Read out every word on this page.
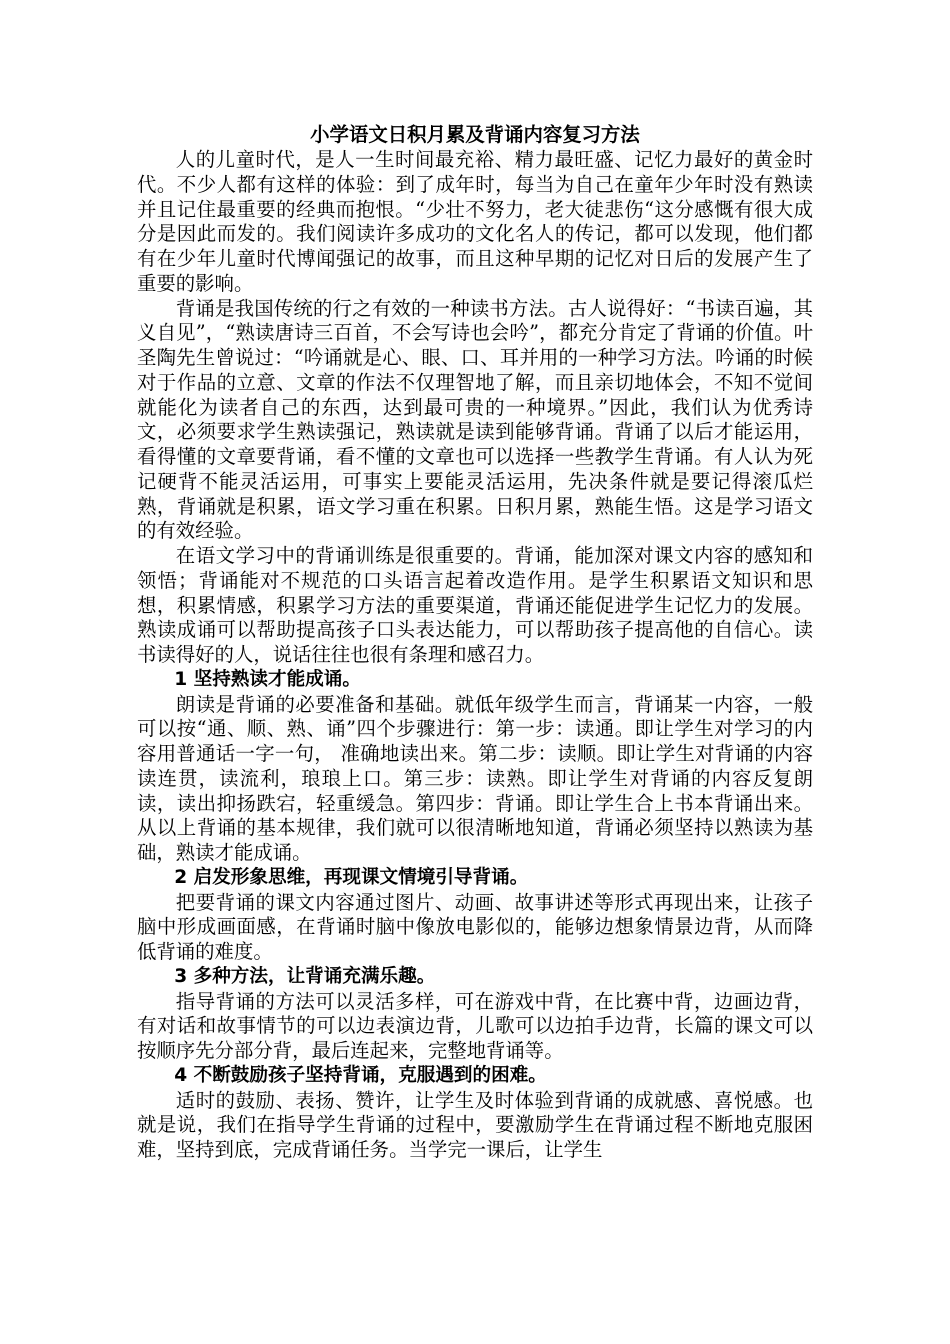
小学语文日积月累及背诵内容复习方法

人的儿童时代，是人一生时间最充裕、精力最旺盛、记忆力最好的黄金时代。不少人都有这样的体验：到了成年时，每当为自己在童年少年时没有熟读并且记住最重要的经典而抱恨。“少壮不努力，老大徒悲伤“这分感慨有很大成分是因此而发的。我们阅读许多成功的文化名人的传记，都可以发现，他们都有在少年儿童时代博闻强记的故事，而且这种早期的记忆对日后的发展产生了重要的影响。

背诵是我国传统的行之有效的一种读书方法。古人说得好：“书读百遍，其义自见”，“熟读唐诗三百首，不会写诗也会吟”，都充分肯定了背诵的价值。叶圣陶先生曾说过：“吟诵就是心、眼、口、耳并用的一种学习方法。吟诵的时候对于作品的立意、文章的作法不仅理智地了解，而且亲切地体会，不知不觉间就能化为读者自己的东西，达到最可贵的一种境界。”因此，我们认为优秀诗文，必须要求学生熟读强记，熟读就是读到能够背诵。背诵了以后才能运用，看得懂的文章要背诵，看不懂的文章也可以选择一些教学生背诵。有人认为死记硬背不能灵活运用，可事实上要能灵活运用，先决条件就是要记得滚瓜烂熟，背诵就是积累，语文学习重在积累。日积月累，熟能生悟。这是学习语文的有效经验。

在语文学习中的背诵训练是很重要的。背诵，能加深对课文内容的感知和领悟；背诵能对不规范的口头语言起着改造作用。是学生积累语文知识和思想，积累情感，积累学习方法的重要渠道，背诵还能促进学生记忆力的发展。熟读成诵可以帮助提高孩子口头表达能力，可以帮助孩子提高他的自信心。读书读得好的人，说话往往也很有条理和感召力。

1 坚持熟读才能成诵。

朗读是背诵的必要准备和基础。就低年级学生而言，背诵某一内容，一般可以按“通、顺、熟、诵”四个步骤进行：第一步：读通。即让学生对学习的内容用普通话一字一句， 准确地读出来。第二步：读顺。即让学生对背诵的内容读连贯，读流利，琅琅上口。第三步：读熟。即让学生对背诵的内容反复朗读，读出抑扬跌宕，轻重缓急。第四步：背诵。即让学生合上书本背诵出来。从以上背诵的基本规律，我们就可以很清晰地知道，背诵必须坚持以熟读为基础，熟读才能成诵。

2 启发形象思维，再现课文情境引导背诵。

把要背诵的课文内容通过图片、动画、故事讲述等形式再现出来，让孩子脑中形成画面感，在背诵时脑中像放电影似的，能够边想象情景边背，从而降低背诵的难度。

3 多种方法，让背诵充满乐趣。

指导背诵的方法可以灵活多样，可在游戏中背，在比赛中背，边画边背，有对话和故事情节的可以边表演边背，儿歌可以边拍手边背，长篇的课文可以按顺序先分部分背，最后连起来，完整地背诵等。

4 不断鼓励孩子坚持背诵，克服遇到的困难。

适时的鼓励、表扬、赞许，让学生及时体验到背诵的成就感、喜悦感。也就是说，我们在指导学生背诵的过程中，要激励学生在背诵过程不断地克服困难，坚持到底，完成背诵任务。当学完一课后，让学生
